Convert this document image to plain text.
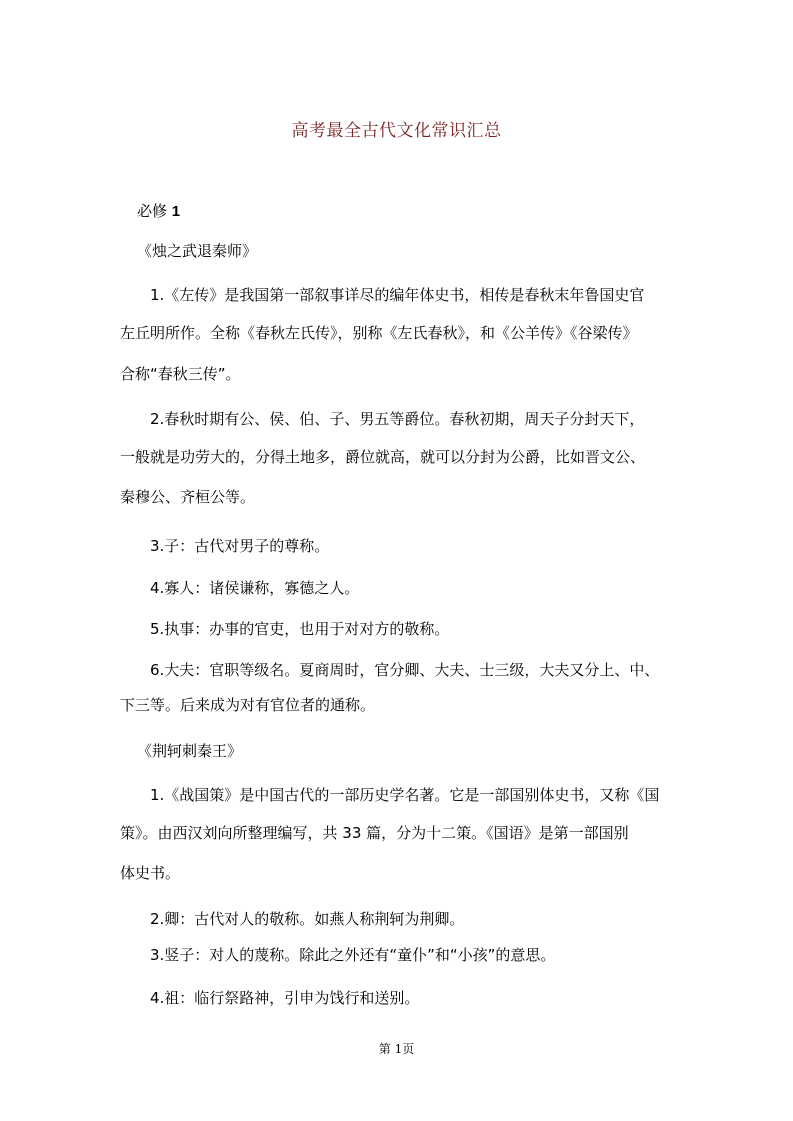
高考最全古代文化常识汇总
必修 1
《烛之武退秦师》
1.《左传》是我国第一部叙事详尽的编年体史书，相传是春秋末年鲁国史官
左丘明所作。全称《春秋左氏传》，别称《左氏春秋》，和《公羊传》《谷梁传》
合称“春秋三传”。
2.春秋时期有公、侯、伯、子、男五等爵位。春秋初期，周天子分封天下，
一般就是功劳大的，分得土地多，爵位就高，就可以分封为公爵，比如晋文公、
秦穆公、齐桓公等。
3.子：古代对男子的尊称。
4.寡人：诸侯谦称，寡德之人。
5.执事：办事的官吏，也用于对对方的敬称。
6.大夫：官职等级名。夏商周时，官分卿、大夫、士三级，大夫又分上、中、
下三等。后来成为对有官位者的通称。
《荆轲刺秦王》
1.《战国策》是中国古代的一部历史学名著。它是一部国别体史书，又称《国
策》。由西汉刘向所整理编写，共 33 篇，分为十二策。《国语》是第一部国别
体史书。
2.卿：古代对人的敬称。如燕人称荆轲为荆卿。
3.竖子：对人的蔑称。除此之外还有“童仆”和“小孩”的意思。
4.祖：临行祭路神，引申为饯行和送别。
第 1页
